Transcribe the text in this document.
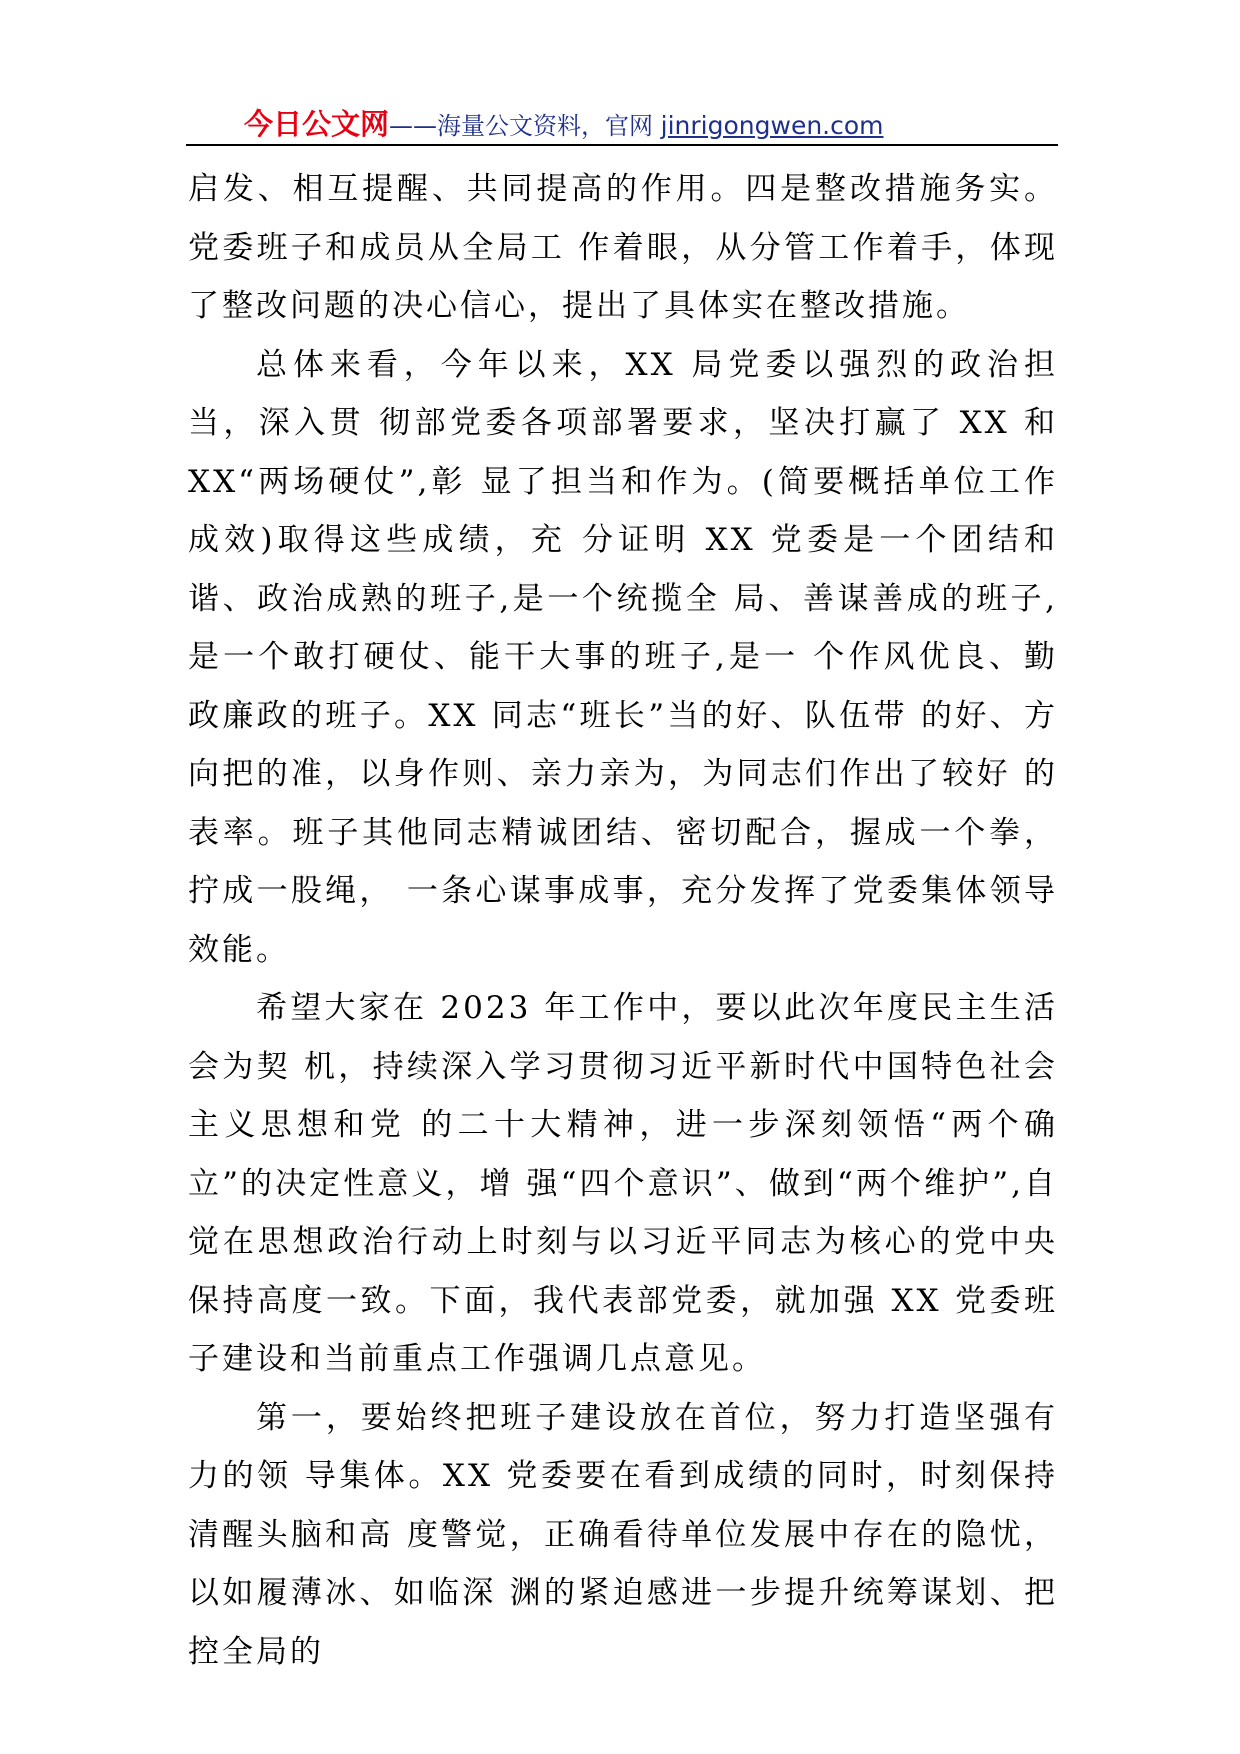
今日公文网——海量公文资料，官网 jinrigongwen.com

启发、相互提醒、共同提高的作用。四是整改措施务实。党委班子和成员从全局工 作着眼，从分管工作着手，体现了整改问题的决心信心，提出了具体实在整改措施。

总体来看，今年以来，XX 局党委以强烈的政治担当，深入贯 彻部党委各项部署要求，坚决打赢了 XX 和 XX“两场硬仗”,彰 显了担当和作为。(简要概括单位工作成效)取得这些成绩，充 分证明 XX 党委是一个团结和谐、政治成熟的班子,是一个统揽全 局、善谋善成的班子,是一个敢打硬仗、能干大事的班子,是一 个作风优良、勤政廉政的班子。XX 同志“班长”当的好、队伍带 的好、方向把的准，以身作则、亲力亲为，为同志们作出了较好 的表率。班子其他同志精诚团结、密切配合，握成一个拳，拧成一股绳， 一条心谋事成事，充分发挥了党委集体领导效能。

希望大家在 2023 年工作中，要以此次年度民主生活会为契 机，持续深入学习贯彻习近平新时代中国特色社会主义思想和党 的二十大精神，进一步深刻领悟“两个确立”的决定性意义，增 强“四个意识”、做到“两个维护”,自觉在思想政治行动上时刻与以习近平同志为核心的党中央保持高度一致。下面，我代表部党委，就加强 XX 党委班子建设和当前重点工作强调几点意见。

第一，要始终把班子建设放在首位，努力打造坚强有力的领 导集体。XX 党委要在看到成绩的同时，时刻保持清醒头脑和高 度警觉，正确看待单位发展中存在的隐忧，以如履薄冰、如临深 渊的紧迫感进一步提升统筹谋划、把控全局的
